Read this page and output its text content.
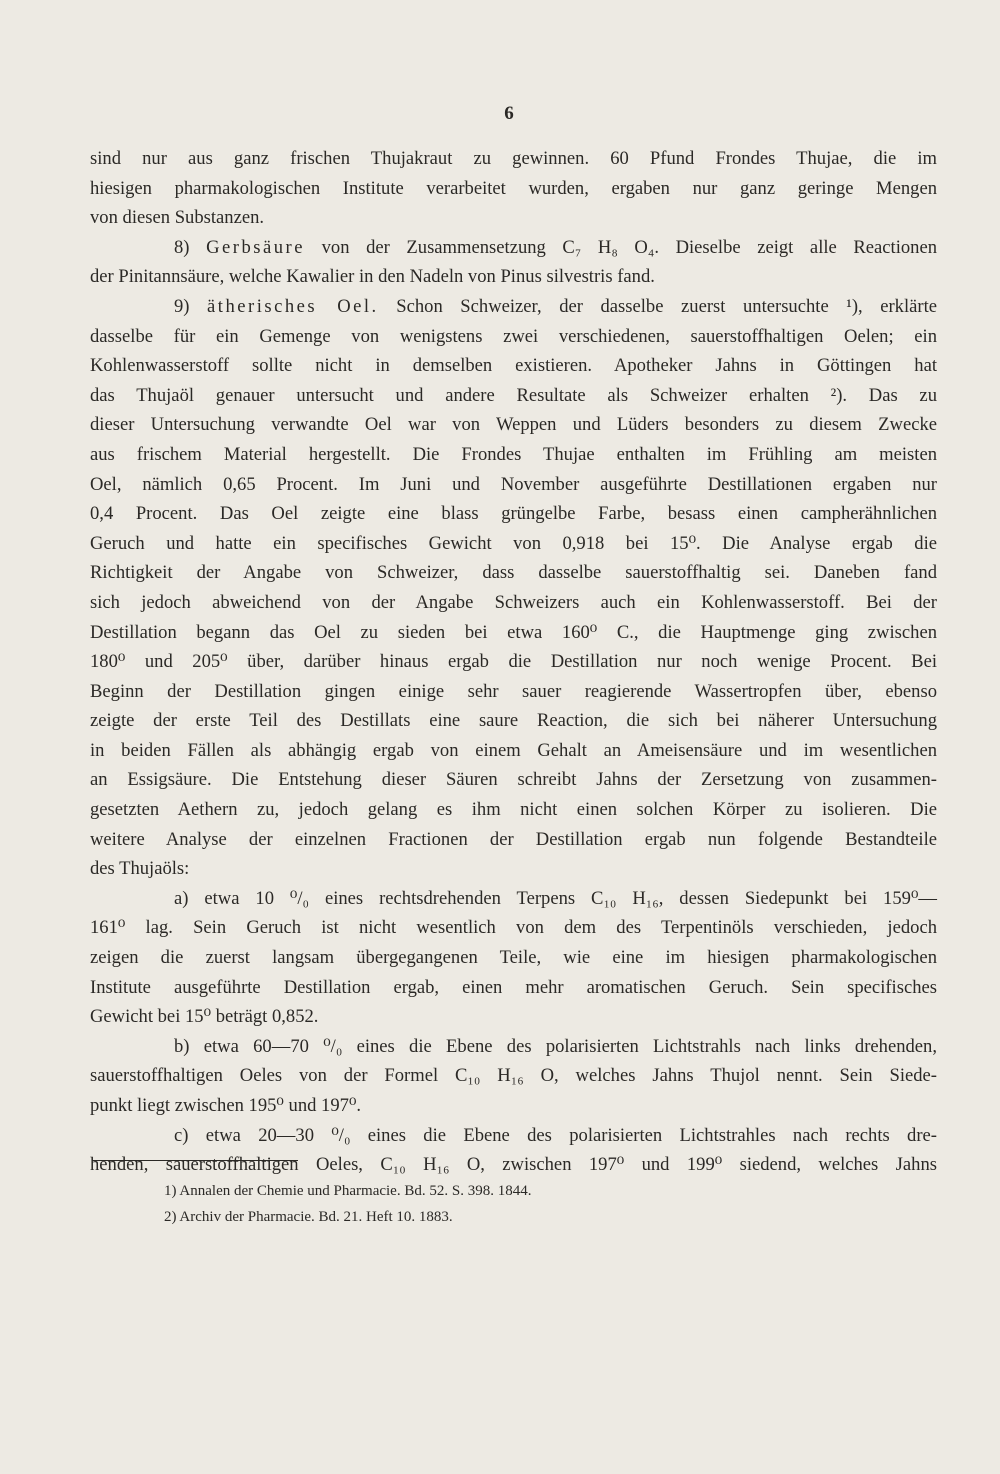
6
sind nur aus ganz frischen Thujakraut zu gewinnen. 60 Pfund Frondes Thujae, die im
hiesigen pharmakologischen Institute verarbeitet wurden, ergaben nur ganz geringe Mengen
von diesen Substanzen.
8) Gerbsäure von der Zusammensetzung C₇ H₈ O₄. Dieselbe zeigt alle Reactionen
der Pinitannsäure, welche Kawalier in den Nadeln von Pinus silvestris fand.
9) ätherisches Oel. Schon Schweizer, der dasselbe zuerst untersuchte ¹), erklärte
dasselbe für ein Gemenge von wenigstens zwei verschiedenen, sauerstoffhaltigen Oelen; ein
Kohlenwasserstoff sollte nicht in demselben existieren. Apotheker Jahns in Göttingen hat
das Thujaöl genauer untersucht und andere Resultate als Schweizer erhalten ²). Das zu
dieser Untersuchung verwandte Oel war von Weppen und Lüders besonders zu diesem Zwecke
aus frischem Material hergestellt. Die Frondes Thujae enthalten im Frühling am meisten
Oel, nämlich 0,65 Procent. Im Juni und November ausgeführte Destillationen ergaben nur
0,4 Procent. Das Oel zeigte eine blass grüngelbe Farbe, besass einen campherähnlichen
Geruch und hatte ein specifisches Gewicht von 0,918 bei 15⁰. Die Analyse ergab die
Richtigkeit der Angabe von Schweizer, dass dasselbe sauerstoffhaltig sei. Daneben fand
sich jedoch abweichend von der Angabe Schweizers auch ein Kohlenwasserstoff. Bei der
Destillation begann das Oel zu sieden bei etwa 160⁰ C., die Hauptmenge ging zwischen
180⁰ und 205⁰ über, darüber hinaus ergab die Destillation nur noch wenige Procent. Bei
Beginn der Destillation gingen einige sehr sauer reagierende Wassertropfen über, ebenso
zeigte der erste Teil des Destillats eine saure Reaction, die sich bei näherer Untersuchung
in beiden Fällen als abhängig ergab von einem Gehalt an Ameisensäure und im wesentlichen
an Essigsäure. Die Entstehung dieser Säuren schreibt Jahns der Zersetzung von zusammen-
gesetzten Aethern zu, jedoch gelang es ihm nicht einen solchen Körper zu isolieren. Die
weitere Analyse der einzelnen Fractionen der Destillation ergab nun folgende Bestandteile
des Thujaöls:
a) etwa 10 ⁰/₀ eines rechtsdrehenden Terpens C₁₀ H₁₆, dessen Siedepunkt bei 159⁰—
161⁰ lag. Sein Geruch ist nicht wesentlich von dem des Terpentinöls verschieden, jedoch
zeigen die zuerst langsam übergegangenen Teile, wie eine im hiesigen pharmakologischen
Institute ausgeführte Destillation ergab, einen mehr aromatischen Geruch. Sein specifisches
Gewicht bei 15⁰ beträgt 0,852.
b) etwa 60—70 ⁰/₀ eines die Ebene des polarisierten Lichtstrahls nach links drehenden,
sauerstoffhaltigen Oeles von der Formel C₁₀ H₁₆ O, welches Jahns Thujol nennt. Sein Siede-
punkt liegt zwischen 195⁰ und 197⁰.
c) etwa 20—30 ⁰/₀ eines die Ebene des polarisierten Lichtstrahles nach rechts dre-
henden, sauerstoffhaltigen Oeles, C₁₀ H₁₆ O, zwischen 197⁰ und 199⁰ siedend, welches Jahns
1) Annalen der Chemie und Pharmacie. Bd. 52. S. 398. 1844.
2) Archiv der Pharmacie. Bd. 21. Heft 10. 1883.
